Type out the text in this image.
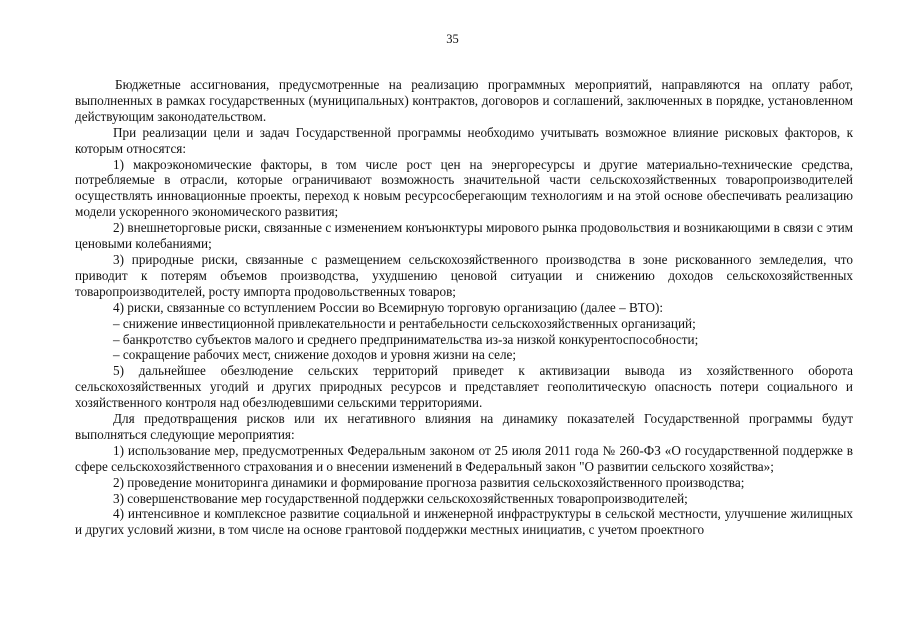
35

Бюджетные ассигнования, предусмотренные на реализацию программных мероприятий, направляются на оплату работ, выполненных в рамках государственных (муниципальных) контрактов, договоров и соглашений, заключенных в порядке, установленном действующим законодательством.

При реализации цели и задач Государственной программы необходимо учитывать возможное влияние рисковых факторов, к которым относятся:

1) макроэкономические факторы, в том числе рост цен на энергоресурсы и другие материально-технические средства, потребляемые в отрасли, которые ограничивают возможность значительной части сельскохозяйственных товаропроизводителей осуществлять инновационные проекты, переход к новым ресурсосберегающим технологиям и на этой основе обеспечивать реализацию модели ускоренного экономического развития;

2) внешнеторговые риски, связанные с изменением конъюнктуры мирового рынка продовольствия и возникающими в связи с этим ценовыми колебаниями;

3) природные риски, связанные с размещением сельскохозяйственного производства в зоне рискованного земледелия, что приводит к потерям объемов производства, ухудшению ценовой ситуации и снижению доходов сельскохозяйственных товаропроизводителей, росту импорта продовольственных товаров;

4) риски, связанные со вступлением России во Всемирную торговую организацию (далее – ВТО):

– снижение инвестиционной привлекательности и рентабельности сельскохозяйственных организаций;

– банкротство субъектов малого и среднего предпринимательства из-за низкой конкурентоспособности;

– сокращение рабочих мест, снижение доходов и уровня жизни на селе;

5) дальнейшее обезлюдение сельских территорий приведет к активизации вывода из хозяйственного оборота сельскохозяйственных угодий и других природных ресурсов и представляет геополитическую опасность потери социального и хозяйственного контроля над обезлюдевшими сельскими территориями.

Для предотвращения рисков или их негативного влияния на динамику показателей Государственной программы будут выполняться следующие мероприятия:

1) использование мер, предусмотренных Федеральным законом от 25 июля 2011 года № 260-ФЗ «О государственной поддержке в сфере сельскохозяйственного страхования и о внесении изменений в Федеральный закон "О развитии сельского хозяйства»;

2) проведение мониторинга динамики и формирование прогноза развития сельскохозяйственного производства;

3) совершенствование мер государственной поддержки сельскохозяйственных товаропроизводителей;

4) интенсивное и комплексное развитие социальной и инженерной инфраструктуры в сельской местности, улучшение жилищных и других условий жизни, в том числе на основе грантовой поддержки местных инициатив, с учетом проектного
